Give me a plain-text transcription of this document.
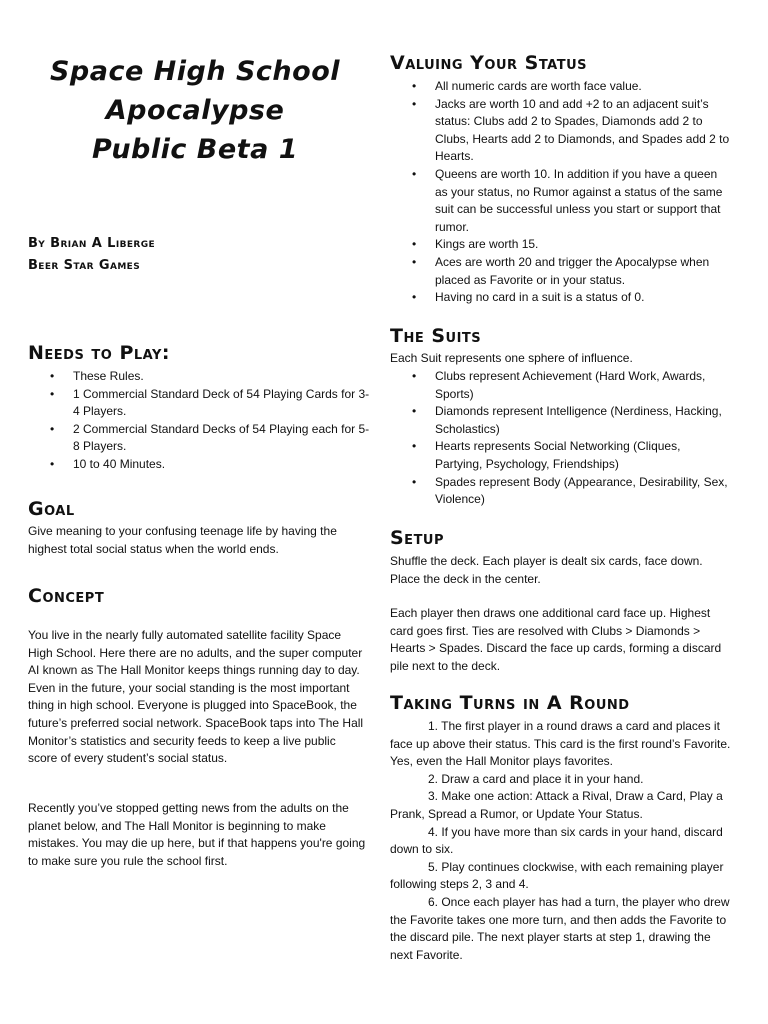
Space High School
Apocalypse
Public Beta 1
By Brian A Liberge
Beer Star Games
Needs to Play:
• These Rules.
• 1 Commercial Standard Deck of 54 Playing Cards for 3-4 Players.
• 2 Commercial Standard Decks of 54 Playing each for 5-8 Players.
• 10 to 40 Minutes.
Goal

Give meaning to your confusing teenage life by having the highest total social status when the world ends.

Concept

You live in the nearly fully automated satellite facility Space High School. Here there are no adults, and the super computer AI known as The Hall Monitor keeps things running day to day. Even in the future, your social standing is the most important thing in high school. Everyone is plugged into SpaceBook, the future’s preferred social network. SpaceBook taps into The Hall Monitor’s statistics and security feeds to keep a live public score of every student’s social status.

Recently you’ve stopped getting news from the adults on the planet below, and The Hall Monitor is beginning to make mistakes. You may die up here, but if that happens you're going to make sure you rule the school first.

Valuing Your Status
• All numeric cards are worth face value.
• Jacks are worth 10 and add +2 to an adjacent suit’s status: Clubs add 2 to Spades, Diamonds add 2 to Clubs, Hearts add 2 to Diamonds, and Spades add 2 to Hearts.
• Queens are worth 10. In addition if you have a queen as your status, no Rumor against a status of the same suit can be successful unless you start or support that rumor.
• Kings are worth 15.
• Aces are worth 20 and trigger the Apocalypse when placed as Favorite or in your status.
• Having no card in a suit is a status of 0.
The Suits

Each Suit represents one sphere of influence.

• Clubs represent Achievement (Hard Work, Awards, Sports)
• Diamonds represent Intelligence (Nerdiness, Hacking, Scholastics)
• Hearts represents Social Networking (Cliques, Partying, Psychology, Friendships)
• Spades represent Body (Appearance, Desirability, Sex, Violence)
Setup

Shuffle the deck. Each player is dealt six cards, face down. Place the deck in the center.

Each player then draws one additional card face up. Highest card goes first. Ties are resolved with Clubs > Diamonds > Hearts > Spades. Discard the face up cards, forming a discard pile next to the deck.

Taking Turns in A Round

1. The first player in a round draws a card and places it face up above their status. This card is the first round’s Favorite. Yes, even the Hall Monitor plays favorites.

2. Draw a card and place it in your hand.

3. Make one action: Attack a Rival, Draw a Card, Play a Prank, Spread a Rumor, or Update Your Status.

4. If you have more than six cards in your hand, discard down to six.

5. Play continues clockwise, with each remaining player following steps 2, 3 and 4.

6. Once each player has had a turn, the player who drew the Favorite takes one more turn, and then adds the Favorite to the discard pile. The next player starts at step 1, drawing the next Favorite.
